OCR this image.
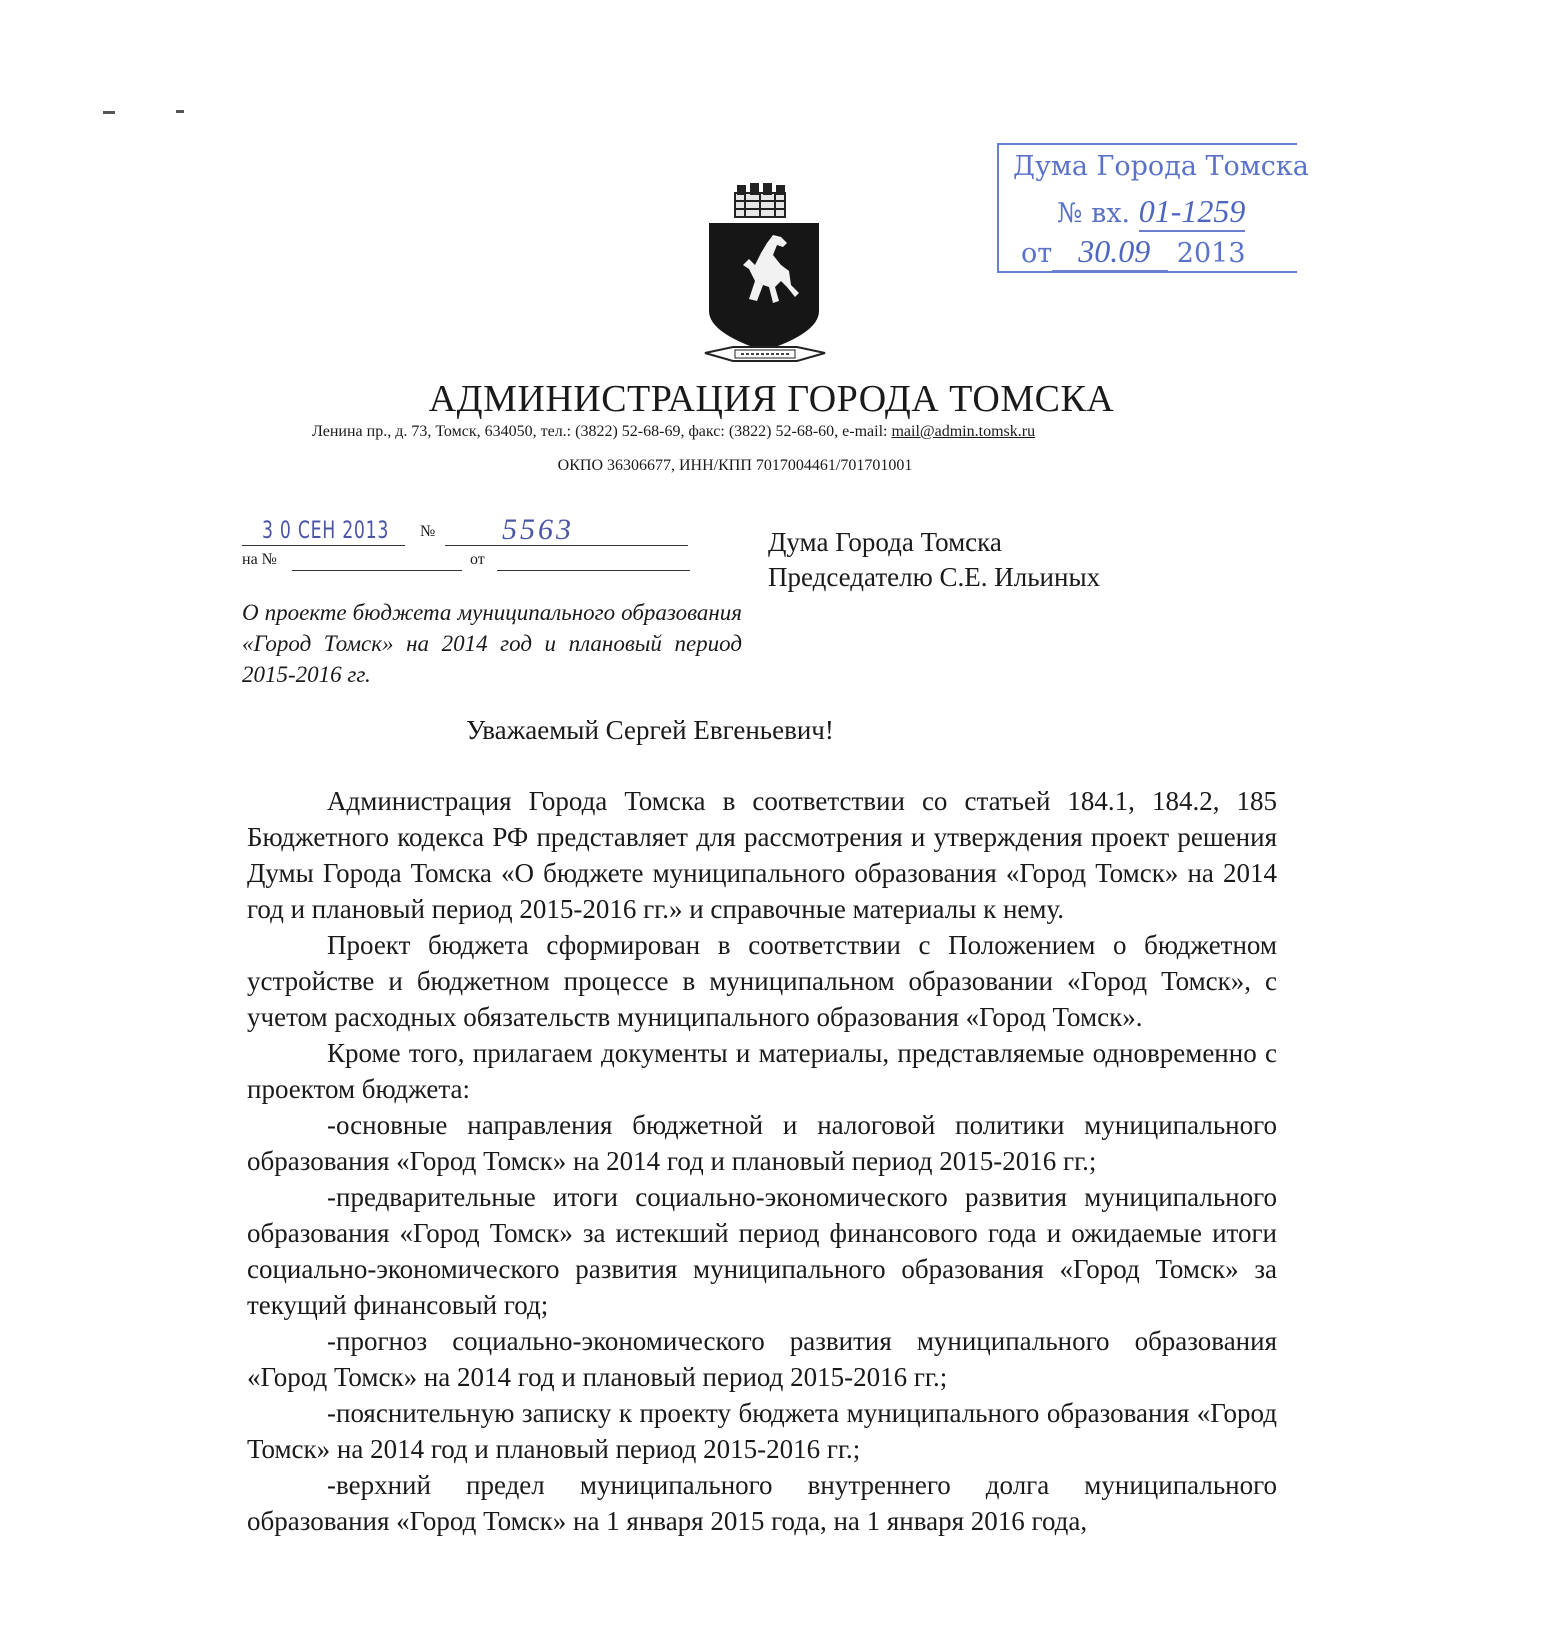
Дума Города Томска
№ вх. 01-1259
от 30.09 2013
АДМИНИСТРАЦИЯ ГОРОДА ТОМСКА
Ленина пр., д. 73, Томск, 634050, тел.: (3822) 52-68-69, факс: (3822) 52-68-60, e-mail: mail@admin.tomsk.ru
ОКПО 36306677, ИНН/КПП 7017004461/701701001
3 0 СЕН 2013 № 5563
на №	от
О проекте бюджета муниципального образования «Город Томск» на 2014 год и плановый период 2015-2016 гг.
Дума Города Томска
Председателю С.Е. Ильиных
Уважаемый Сергей Евгеньевич!

Администрация Города Томска в соответствии со статьей 184.1, 184.2, 185 Бюджетного кодекса РФ представляет для рассмотрения и утверждения проект решения Думы Города Томска «О бюджете муниципального образования «Город Томск» на 2014 год и плановый период 2015-2016 гг.» и справочные материалы к нему.

Проект бюджета сформирован в соответствии с Положением о бюджетном устройстве и бюджетном процессе в муниципальном образовании «Город Томск», с учетом расходных обязательств муниципального образования «Город Томск».

Кроме того, прилагаем документы и материалы, представляемые одновременно с проектом бюджета:

-основные направления бюджетной и налоговой политики муниципального образования «Город Томск» на 2014 год и плановый период 2015-2016 гг.;

-предварительные итоги социально-экономического развития муниципального образования «Город Томск» за истекший период финансового года и ожидаемые итоги социально-экономического развития муниципального образования «Город Томск» за текущий финансовый год;

-прогноз социально-экономического развития муниципального образования «Город Томск» на 2014 год и плановый период 2015-2016 гг.;

-пояснительную записку к проекту бюджета муниципального образования «Город Томск» на 2014 год и плановый период 2015-2016 гг.;

-верхний предел муниципального внутреннего долга муниципального образования «Город Томск» на 1 января 2015 года, на 1 января 2016 года,
